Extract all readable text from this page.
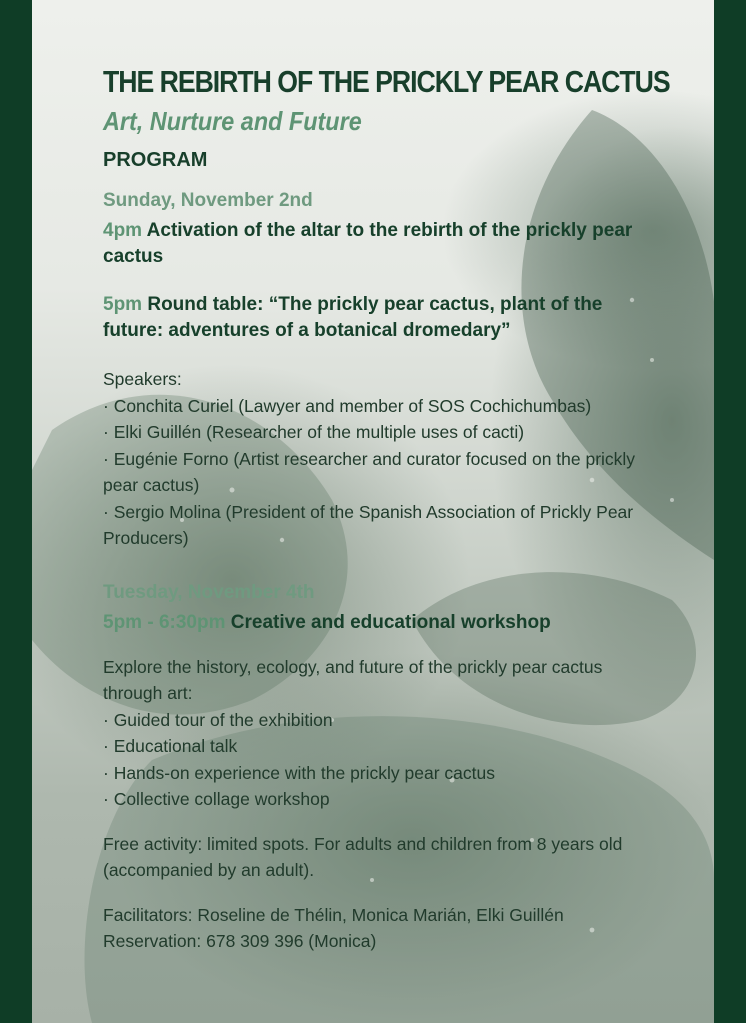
THE REBIRTH OF THE PRICKLY PEAR CACTUS
Art, Nurture and Future
PROGRAM
Sunday, November 2nd
4pm Activation of the altar to the rebirth of the prickly pear cactus
5pm Round table: “The prickly pear cactus, plant of the future: adventures of a botanical dromedary”
Speakers:
· Conchita Curiel (Lawyer and member of SOS Cochichumbas)
· Elki Guillén (Researcher of the multiple uses of cacti)
· Eugénie Forno (Artist researcher and curator focused on the prickly pear cactus)
· Sergio Molina (President of the Spanish Association of Prickly Pear Producers)
Tuesday, November 4th
5pm - 6:30pm Creative and educational workshop
Explore the history, ecology, and future of the prickly pear cactus through art:
· Guided tour of the exhibition
· Educational talk
· Hands-on experience with the prickly pear cactus
· Collective collage workshop
Free activity: limited spots. For adults and children from 8 years old (accompanied by an adult).
Facilitators: Roseline de Thélin, Monica Marián, Elki Guillén
Reservation: 678 309 396 (Monica)
